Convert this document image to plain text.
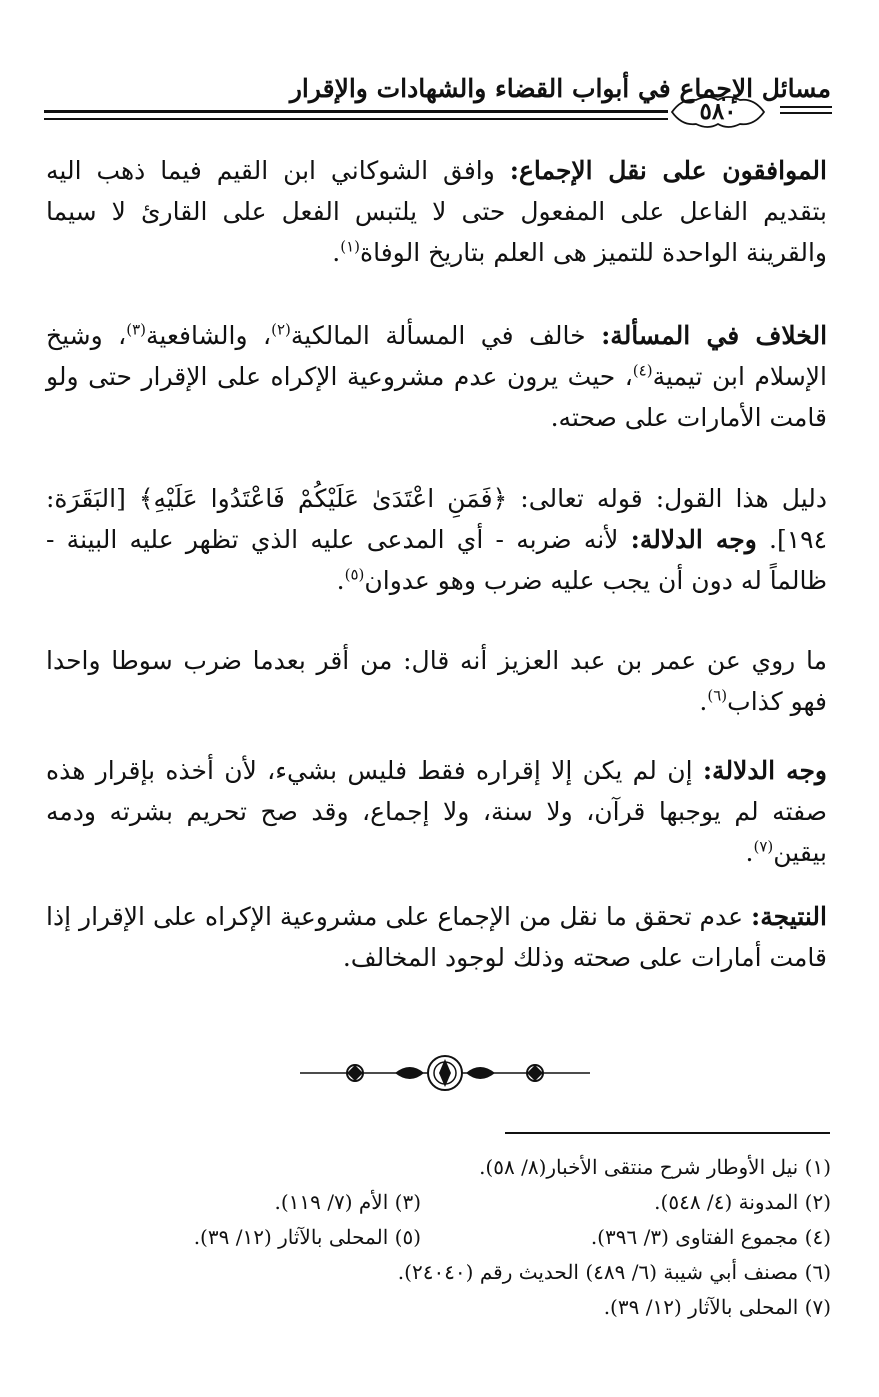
مسائل الإجماع في أبواب القضاء والشهادات والإقرار
٥٨٠

الموافقون على نقل الإجماع: وافق الشوكاني ابن القيم فيما ذهب اليه بتقديم الفاعل على المفعول حتى لا يلتبس الفعل على القارئ لا سيما والقرينة الواحدة للتميز هى العلم بتاريخ الوفاة$^{(١)}$.

الخلاف في المسألة: خالف في المسألة المالكية$^{(٢)}$، والشافعية$^{(٣)}$، وشيخ الإسلام ابن تيمية$^{(٤)}$، حيث يرون عدم مشروعية الإكراه على الإقرار حتى ولو قامت الأمارات على صحته.

دليل هذا القول: قوله تعالى: ﴿فَمَنِ اعْتَدَىٰ عَلَيْكُمْ فَاعْتَدُوا عَلَيْهِ﴾ [البَقَرَة: ١٩٤]. وجه الدلالة: لأنه ضربه - أي المدعى عليه الذي تظهر عليه البينة - ظالماً له دون أن يجب عليه ضرب وهو عدوان$^{(٥)}$.

ما روي عن عمر بن عبد العزيز أنه قال: من أقر بعدما ضرب سوطا واحدا فهو كذاب$^{(٦)}$.

وجه الدلالة: إن لم يكن إلا إقراره فقط فليس بشيء، لأن أخذه بإقرار هذه صفته لم يوجبها قرآن، ولا سنة، ولا إجماع، وقد صح تحريم بشرته ودمه بيقين$^{(٧)}$.

النتيجة: عدم تحقق ما نقل من الإجماع على مشروعية الإكراه على الإقرار إذا قامت أمارات على صحته وذلك لوجود المخالف.

(١) نيل الأوطار شرح منتقى الأخبار(٨/ ٥٨).
(٢) المدونة (٤/ ٥٤٨).
(٣) الأم (٧/ ١١٩).
(٤) مجموع الفتاوى (٣/ ٣٩٦).
(٥) المحلى بالآثار (١٢/ ٣٩).
(٦) مصنف أبي شيبة (٦/ ٤٨٩) الحديث رقم (٢٤٠٤٠).
(٧) المحلى بالآثار (١٢/ ٣٩).
